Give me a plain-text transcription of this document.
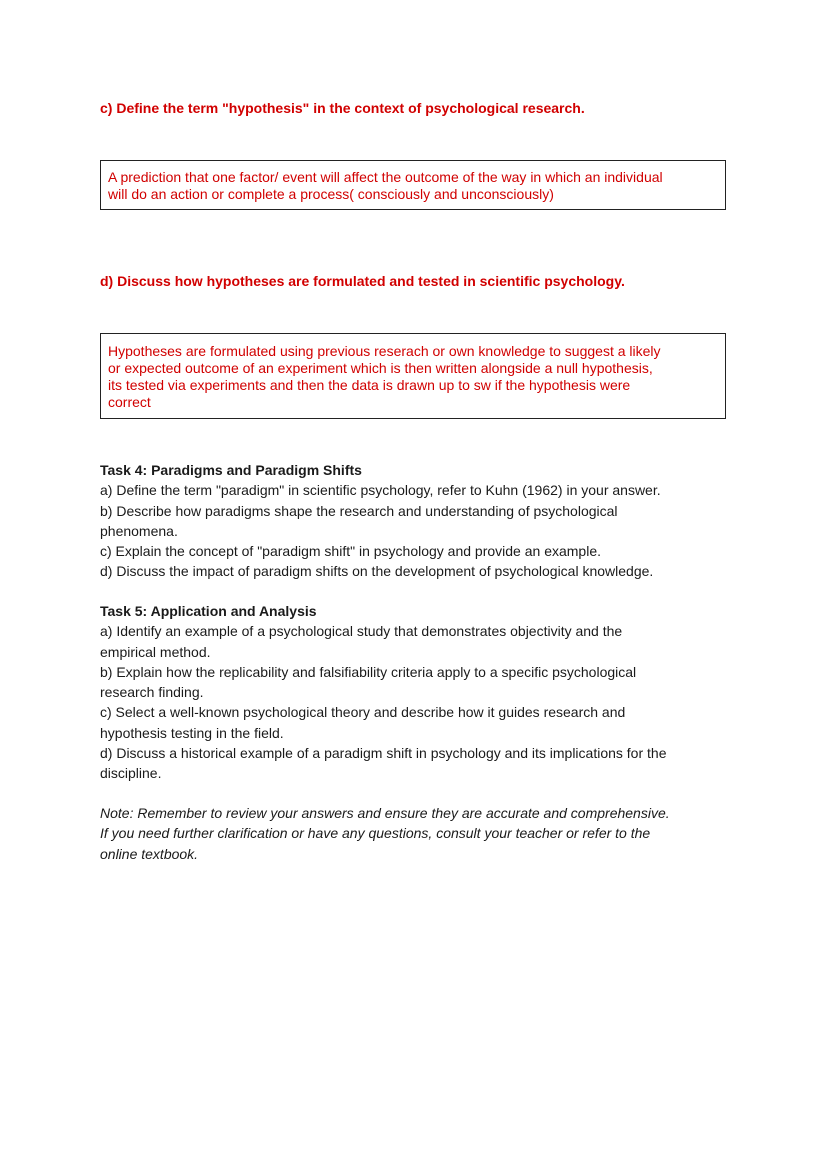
c) Define the term "hypothesis" in the context of psychological research.
A prediction that one factor/ event will affect the outcome of the way in which an individual
will do an action or complete a process( consciously and unconsciously)
d) Discuss how hypotheses are formulated and tested in scientific psychology.
Hypotheses are formulated using previous reserach or own knowledge to suggest a likely
or expected outcome of an experiment which is then written alongside a null hypothesis,
its tested via experiments and then the data is drawn up to sw if the hypothesis were
correct
Task 4: Paradigms and Paradigm Shifts
a) Define the term "paradigm" in scientific psychology, refer to Kuhn (1962) in your answer.
b) Describe how paradigms shape the research and understanding of psychological
phenomena.
c) Explain the concept of "paradigm shift" in psychology and provide an example.
d) Discuss the impact of paradigm shifts on the development of psychological knowledge.
Task 5: Application and Analysis
a) Identify an example of a psychological study that demonstrates objectivity and the
empirical method.
b) Explain how the replicability and falsifiability criteria apply to a specific psychological
research finding.
c) Select a well-known psychological theory and describe how it guides research and
hypothesis testing in the field.
d) Discuss a historical example of a paradigm shift in psychology and its implications for the
discipline.
Note: Remember to review your answers and ensure they are accurate and comprehensive.
If you need further clarification or have any questions, consult your teacher or refer to the
online textbook.
